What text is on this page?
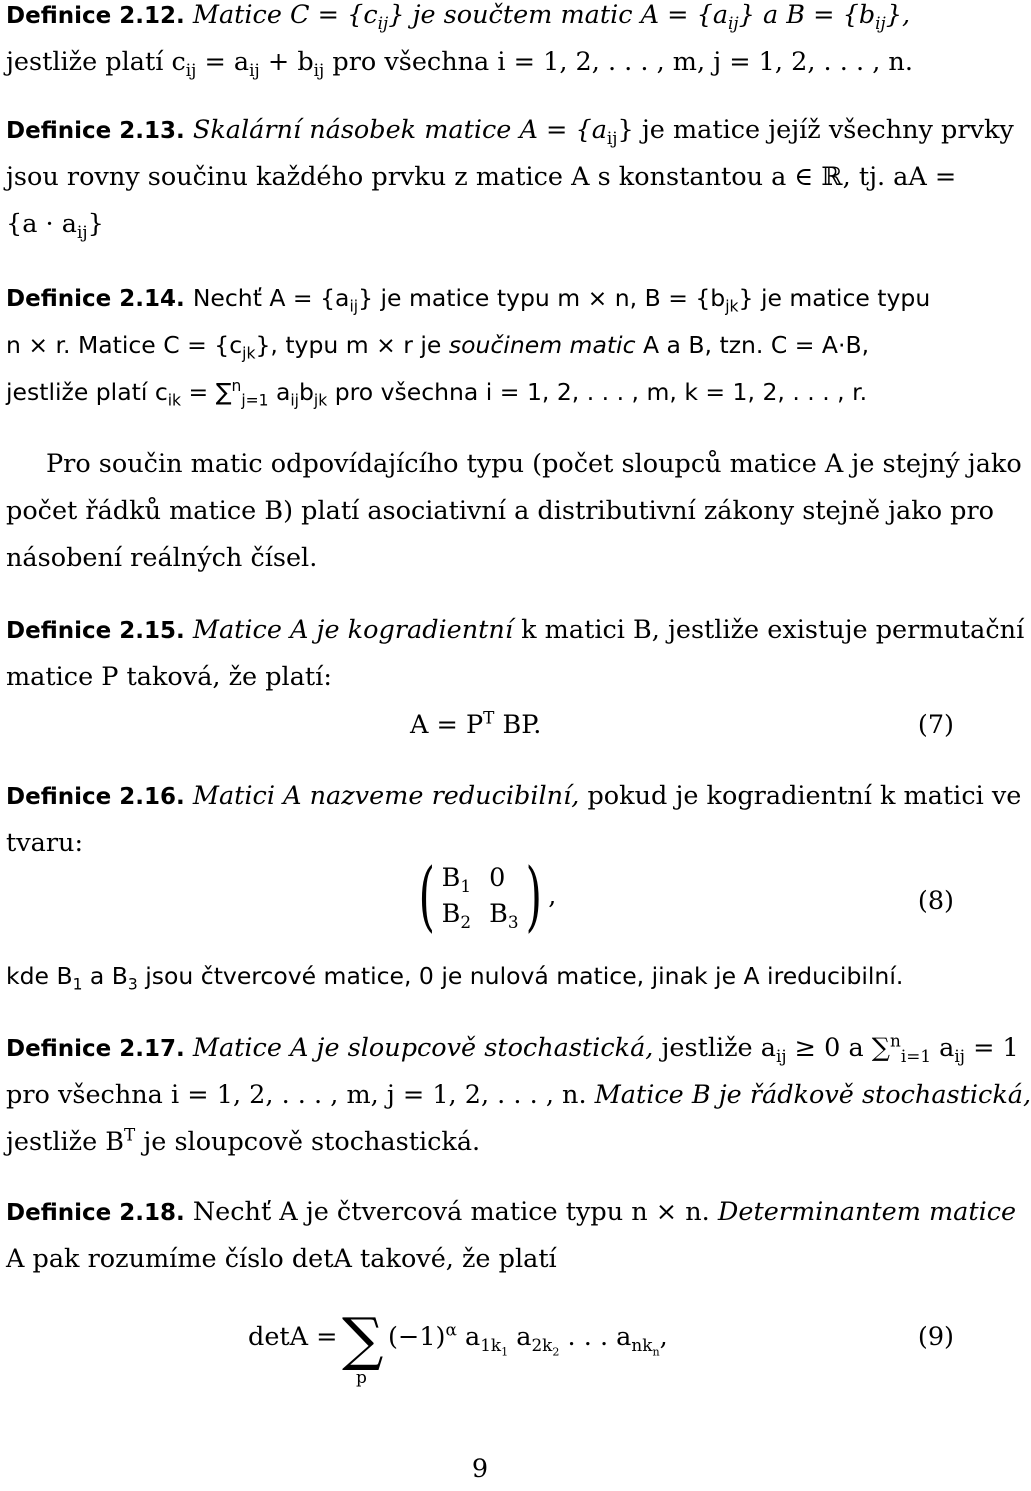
Definice 2.12. Matice $C = \{c_{ij}\}$ je součtem matic $A = \{a_{ij}\}$ a $B = \{b_{ij}\}$,
jestliže platí $c_{ij} = a_{ij} + b_{ij}$ pro všechna i = 1, 2, . . . , m, j = 1, 2, . . . , n.
Definice 2.13. Skalární násobek matice $A = \{a_{ij}\}$ je matice jejíž všechny prvky
jsou rovny součinu každého prvku z matice A s konstantou a ∈ ℝ, tj. aA =
$\{a \cdot a_{ij}\}$
Definice 2.14. Nechť $A = \{a_{ij}\}$ je matice typu m × n, $B = \{b_{jk}\}$ je matice typu
n × r. Matice $C = \{c_{jk}\}$, typu m × r je součinem matic A a B, tzn. C = A·B,
jestliže platí $c_{ik} = \sum^n_{j=1}$ $a_{ij}b_{jk}$ pro všechna i = 1, 2, . . . , m, k = 1, 2, . . . , r.
Pro součin matic odpovídajícího typu (počet sloupců matice A je stejný jako
počet řádků matice B) platí asociativní a distributivní zákony stejně jako pro
násobení reálných čísel.
Definice 2.15. Matice A je kogradientní k matici B, jestliže existuje permutační
matice P taková, že platí:
$A = P^T$ BP.	(7)
Definice 2.16. Matici A nazveme reducibilní, pokud je kogradientní k matici ve
tvaru:
( $B_1$ 0
$B_2$ $B_3$ ) ,	(8)
kde $B_1$ a $B_3$ jsou čtvercové matice, 0 je nulová matice, jinak je A ireducibilní.
Definice 2.17. Matice A je sloupcově stochastická, jestliže $a_{ij} \ge 0$ a ∑$^n_{i=1}$ $a_{ij} = 1$
pro všechna i = 1, 2, . . . , m, j = 1, 2, . . . , n. Matice B je řádkově stochastická,
jestliže $B^T$ je sloupcově stochastická.
Definice 2.18. Nechť A je čtvercová matice typu n × n. Determinantem matice
A pak rozumíme číslo detA takové, že platí
detA = ∑
p
$(-1)^\alpha$ $a_{1k_1}$ $a_{2k_2}$ . . . $a_{nk_n}$,	(9)
9
